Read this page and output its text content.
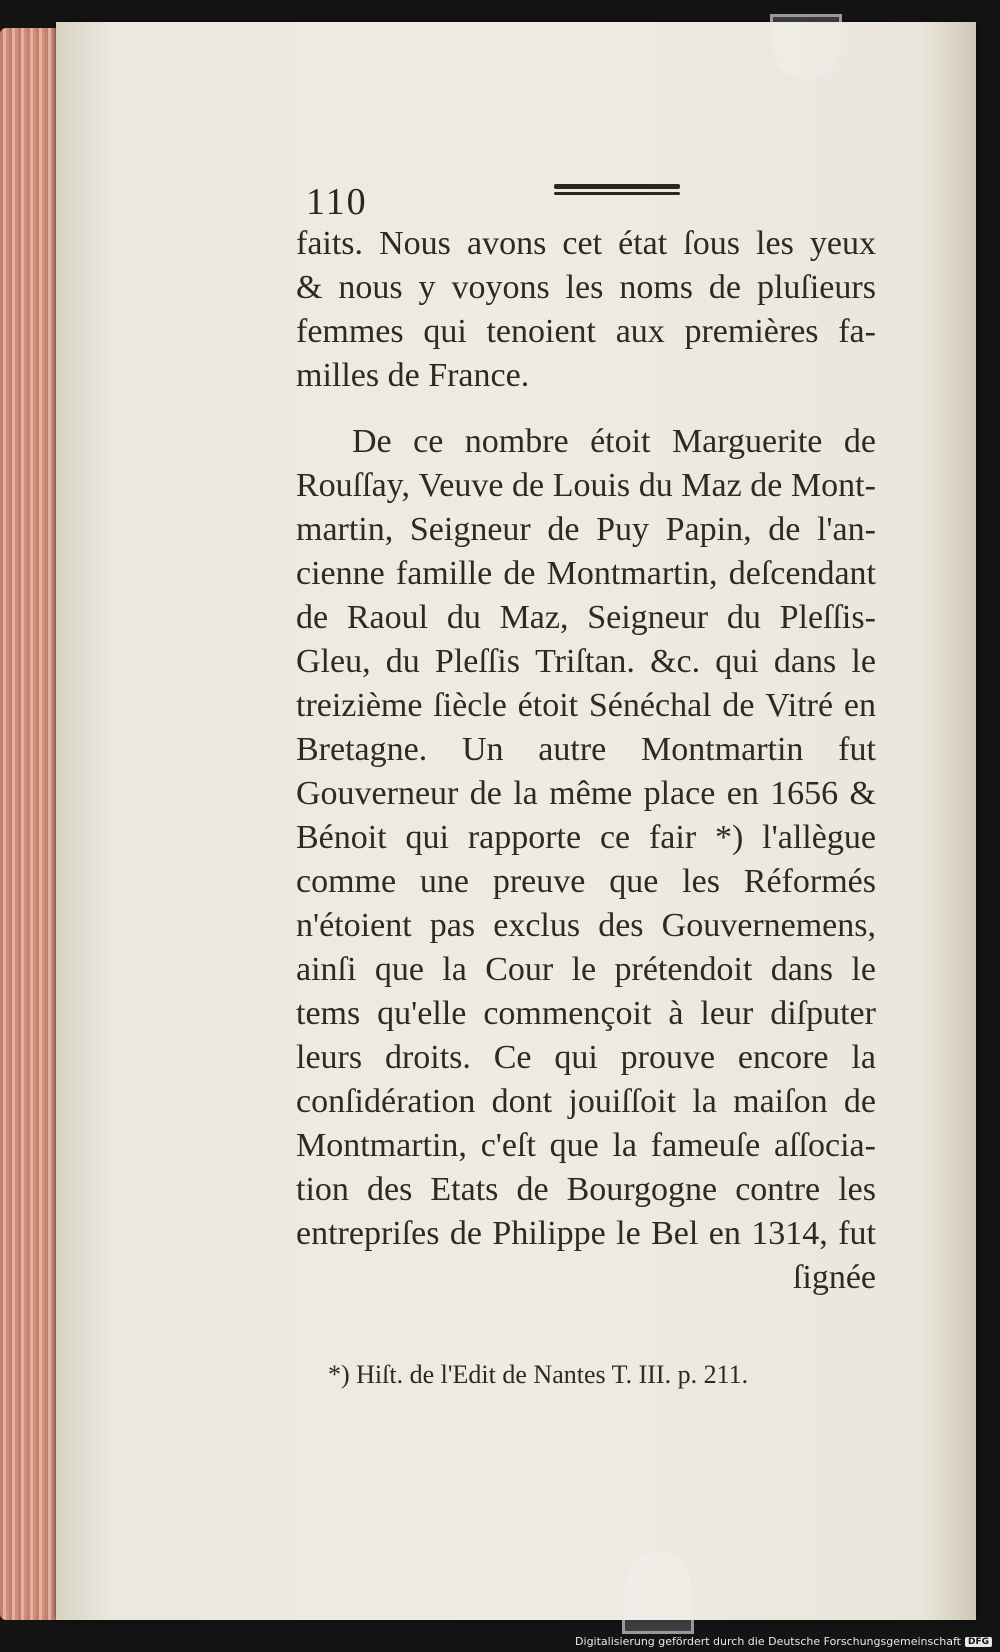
110
faits. Nous avons cet état ſous les yeux
& nous y voyons les noms de pluſieurs
femmes qui tenoient aux premières fa-
milles de France.
De ce nombre étoit Marguerite de
Rouſſay, Veuve de Louis du Maz de Mont-
martin, Seigneur de Puy Papin, de l'an-
cienne famille de Montmartin, deſcendant
de Raoul du Maz, Seigneur du Pleſſis-
Gleu, du Pleſſis Triſtan. &c. qui dans le
treizième ſiècle étoit Sénéchal de Vitré en
Bretagne. Un autre Montmartin fut
Gouverneur de la même place en 1656 &
Bénoit qui rapporte ce fair *) l'allègue
comme une preuve que les Réformés
n'étoient pas exclus des Gouvernemens,
ainſi que la Cour le prétendoit dans le
tems qu'elle commençoit à leur diſputer
leurs droits. Ce qui prouve encore la
conſidération dont jouiſſoit la maiſon de
Montmartin, c'eſt que la fameuſe aſſocia-
tion des Etats de Bourgogne contre les
entrepriſes de Philippe le Bel en 1314, fut
ſignée
*) Hiſt. de l'Edit de Nantes T. III. p. 211.
Digitalisierung gefördert durch die Deutsche Forschungsgemeinschaft DFG
